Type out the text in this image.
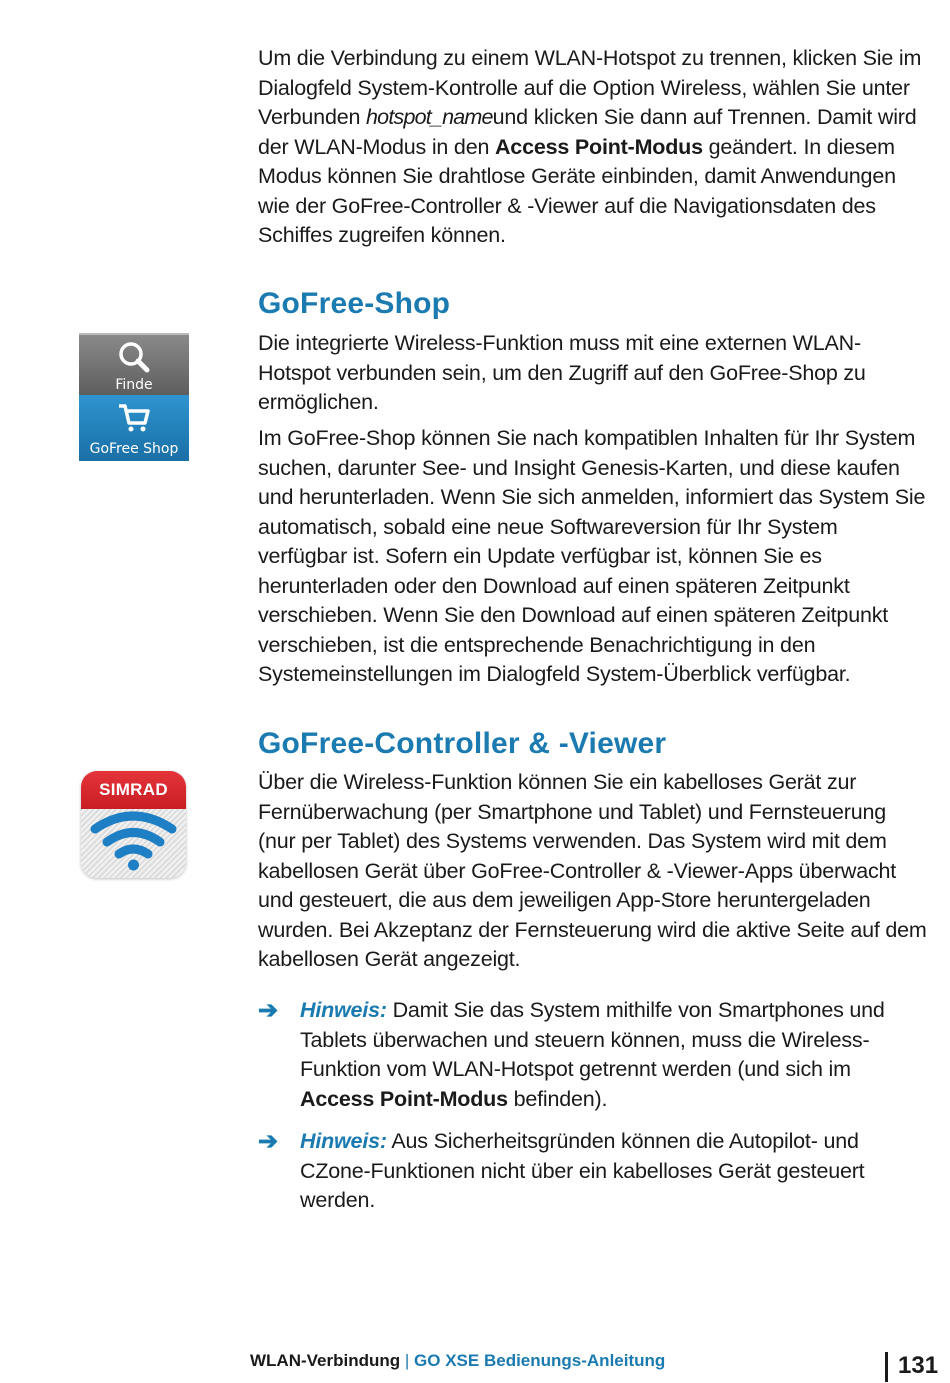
Um die Verbindung zu einem WLAN-Hotspot zu trennen, klicken Sie im Dialogfeld System-Kontrolle auf die Option Wireless, wählen Sie unter Verbunden hotspot_nameund klicken Sie dann auf Trennen. Damit wird der WLAN-Modus in den Access Point-Modus geändert. In diesem Modus können Sie drahtlose Geräte einbinden, damit Anwendungen wie der GoFree-Controller & -Viewer auf die Navigationsdaten des Schiffes zugreifen können.

GoFree-Shop

Die integrierte Wireless-Funktion muss mit eine externen WLAN-Hotspot verbunden sein, um den Zugriff auf den GoFree-Shop zu ermöglichen.

Im GoFree-Shop können Sie nach kompatiblen Inhalten für Ihr System suchen, darunter See- und Insight Genesis-Karten, und diese kaufen und herunterladen. Wenn Sie sich anmelden, informiert das System Sie automatisch, sobald eine neue Softwareversion für Ihr System verfügbar ist. Sofern ein Update verfügbar ist, können Sie es herunterladen oder den Download auf einen späteren Zeitpunkt verschieben. Wenn Sie den Download auf einen späteren Zeitpunkt verschieben, ist die entsprechende Benachrichtigung in den Systemeinstellungen im Dialogfeld System-Überblick verfügbar.

Finde
GoFree Shop
GoFree-Controller & -Viewer

Über die Wireless-Funktion können Sie ein kabelloses Gerät zur Fernüberwachung (per Smartphone und Tablet) und Fernsteuerung (nur per Tablet) des Systems verwenden. Das System wird mit dem kabellosen Gerät über GoFree-Controller & -Viewer-Apps überwacht und gesteuert, die aus dem jeweiligen App-Store heruntergeladen wurden. Bei Akzeptanz der Fernsteuerung wird die aktive Seite auf dem kabellosen Gerät angezeigt.

SIMRAD
➔ Hinweis: Damit Sie das System mithilfe von Smartphones und Tablets überwachen und steuern können, muss die Wireless-Funktion vom WLAN-Hotspot getrennt werden (und sich im Access Point-Modus befinden).

➔ Hinweis: Aus Sicherheitsgründen können die Autopilot- und CZone-Funktionen nicht über ein kabelloses Gerät gesteuert werden.

WLAN-Verbindung | GO XSE Bedienungs-Anleitung	131
